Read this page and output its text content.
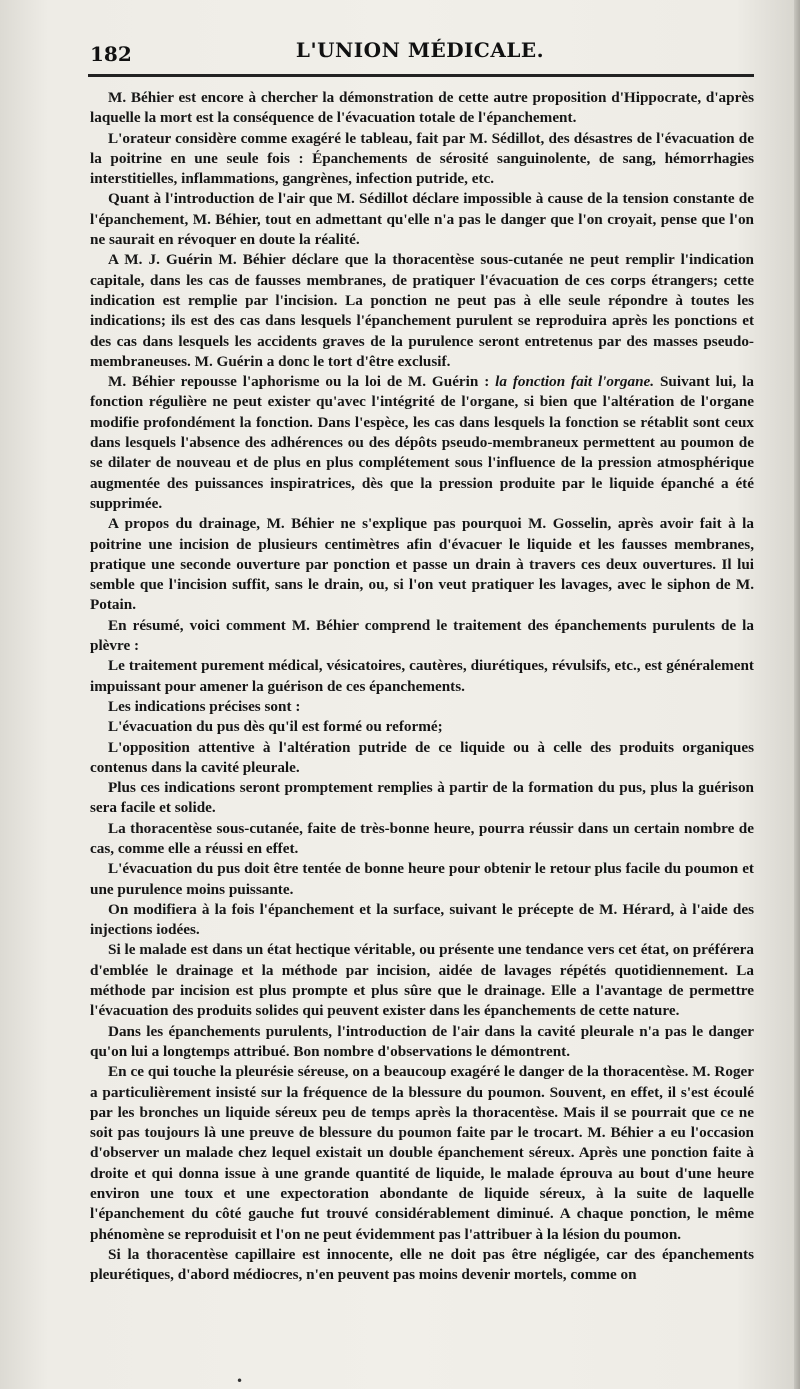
182	L'UNION MÉDICALE.

M. Béhier est encore à chercher la démonstration de cette autre proposition d'Hippocrate, d'après laquelle la mort est la conséquence de l'évacuation totale de l'épanchement.

L'orateur considère comme exagéré le tableau, fait par M. Sédillot, des désastres de l'évacuation de la poitrine en une seule fois : Épanchements de sérosité sanguinolente, de sang, hémorrhagies interstitielles, inflammations, gangrènes, infection putride, etc.

Quant à l'introduction de l'air que M. Sédillot déclare impossible à cause de la tension constante de l'épanchement, M. Béhier, tout en admettant qu'elle n'a pas le danger que l'on croyait, pense que l'on ne saurait en révoquer en doute la réalité.

A M. J. Guérin M. Béhier déclare que la thoracentèse sous-cutanée ne peut remplir l'indication capitale, dans les cas de fausses membranes, de pratiquer l'évacuation de ces corps étrangers; cette indication est remplie par l'incision. La ponction ne peut pas à elle seule répondre à toutes les indications; ils est des cas dans lesquels l'épanchement purulent se reproduira après les ponctions et des cas dans lesquels les accidents graves de la purulence seront entretenus par des masses pseudo-membraneuses. M. Guérin a donc le tort d'être exclusif.

M. Béhier repousse l'aphorisme ou la loi de M. Guérin : la fonction fait l'organe. Suivant lui, la fonction régulière ne peut exister qu'avec l'intégrité de l'organe, si bien que l'altération de l'organe modifie profondément la fonction. Dans l'espèce, les cas dans lesquels la fonction se rétablit sont ceux dans lesquels l'absence des adhérences ou des dépôts pseudo-membraneux permettent au poumon de se dilater de nouveau et de plus en plus complétement sous l'influence de la pression atmosphérique augmentée des puissances inspiratrices, dès que la pression produite par le liquide épanché a été supprimée.

A propos du drainage, M. Béhier ne s'explique pas pourquoi M. Gosselin, après avoir fait à la poitrine une incision de plusieurs centimètres afin d'évacuer le liquide et les fausses membranes, pratique une seconde ouverture par ponction et passe un drain à travers ces deux ouvertures. Il lui semble que l'incision suffit, sans le drain, ou, si l'on veut pratiquer les lavages, avec le siphon de M. Potain.

En résumé, voici comment M. Béhier comprend le traitement des épanchements purulents de la plèvre :

Le traitement purement médical, vésicatoires, cautères, diurétiques, révulsifs, etc., est généralement impuissant pour amener la guérison de ces épanchements.

Les indications précises sont :

L'évacuation du pus dès qu'il est formé ou reformé;

L'opposition attentive à l'altération putride de ce liquide ou à celle des produits organiques contenus dans la cavité pleurale.

Plus ces indications seront promptement remplies à partir de la formation du pus, plus la guérison sera facile et solide.

La thoracentèse sous-cutanée, faite de très-bonne heure, pourra réussir dans un certain nombre de cas, comme elle a réussi en effet.

L'évacuation du pus doit être tentée de bonne heure pour obtenir le retour plus facile du poumon et une purulence moins puissante.

On modifiera à la fois l'épanchement et la surface, suivant le précepte de M. Hérard, à l'aide des injections iodées.

Si le malade est dans un état hectique véritable, ou présente une tendance vers cet état, on préférera d'emblée le drainage et la méthode par incision, aidée de lavages répétés quotidiennement. La méthode par incision est plus prompte et plus sûre que le drainage. Elle a l'avantage de permettre l'évacuation des produits solides qui peuvent exister dans les épanchements de cette nature.

Dans les épanchements purulents, l'introduction de l'air dans la cavité pleurale n'a pas le danger qu'on lui a longtemps attribué. Bon nombre d'observations le démontrent.

En ce qui touche la pleurésie séreuse, on a beaucoup exagéré le danger de la thoracentèse. M. Roger a particulièrement insisté sur la fréquence de la blessure du poumon. Souvent, en effet, il s'est écoulé par les bronches un liquide séreux peu de temps après la thoracentèse. Mais il se pourrait que ce ne soit pas toujours là une preuve de blessure du poumon faite par le trocart. M. Béhier a eu l'occasion d'observer un malade chez lequel existait un double épanchement séreux. Après une ponction faite à droite et qui donna issue à une grande quantité de liquide, le malade éprouva au bout d'une heure environ une toux et une expectoration abondante de liquide séreux, à la suite de laquelle l'épanchement du côté gauche fut trouvé considérablement diminué. A chaque ponction, le même phénomène se reproduisit et l'on ne peut évidemment pas l'attribuer à la lésion du poumon.

Si la thoracentèse capillaire est innocente, elle ne doit pas être négligée, car des épanchements pleurétiques, d'abord médiocres, n'en peuvent pas moins devenir mortels, comme on

•
